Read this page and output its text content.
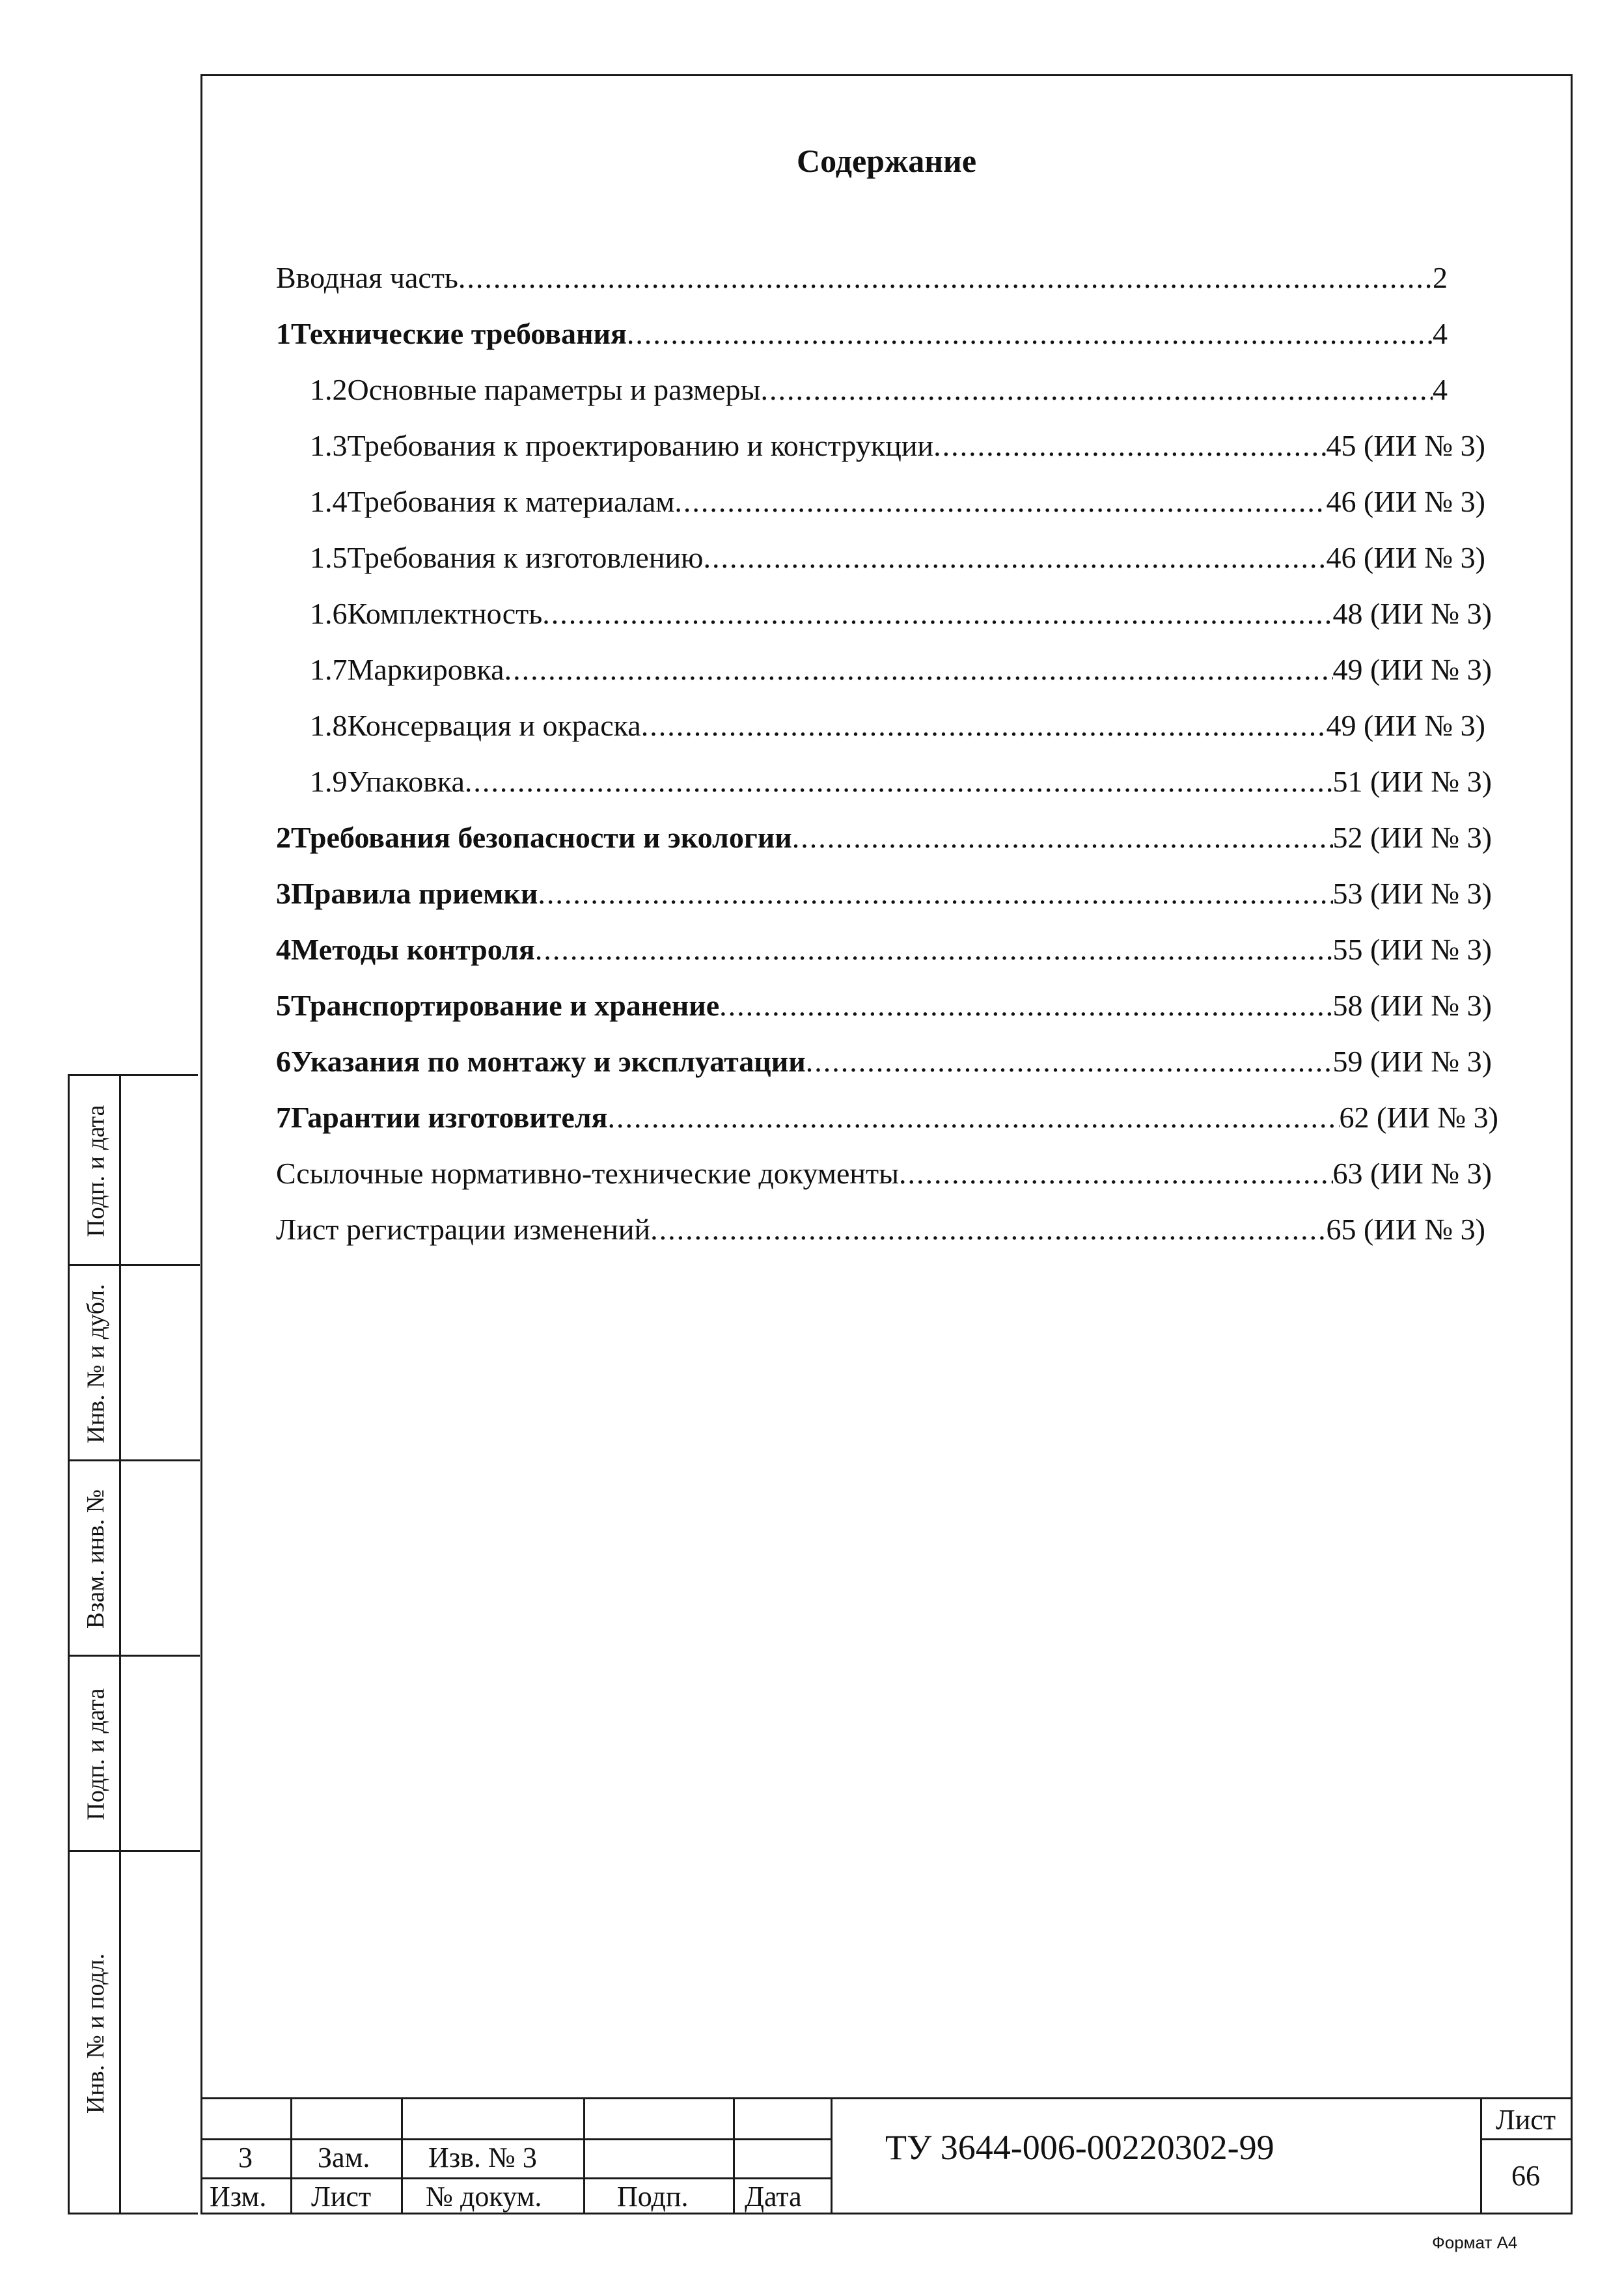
Содержание
Вводная часть .....	2
1 Технические требования .....	4
1.2 Основные параметры и размеры .....	4
1.3 Требования к проектированию и конструкции .....	45 (ИИ № 3)
1.4 Требования к материалам .....	46 (ИИ № 3)
1.5 Требования к изготовлению .....	46 (ИИ № 3)
1.6 Комплектность .....	48 (ИИ № 3)
1.7 Маркировка .....	49 (ИИ № 3)
1.8 Консервация и окраска .....	49 (ИИ № 3)
1.9 Упаковка .....	51 (ИИ № 3)
2 Требования безопасности и экологии .....	52 (ИИ № 3)
3 Правила приемки .....	53 (ИИ № 3)
4 Методы контроля .....	55 (ИИ № 3)
5 Транспортирование и хранение .....	58 (ИИ № 3)
6 Указания по монтажу и эксплуатации .....	59 (ИИ № 3)
7 Гарантии изготовителя .....	62 (ИИ № 3)
Ссылочные нормативно-технические документы .....	63 (ИИ № 3)
Лист регистрации изменений .....	65 (ИИ № 3)
Подп. и дата
Инв. № и дубл.
Взам. инв. №
Подп. и дата
Инв. № и подл.
3 Зам. Изв. № 3
Изм. Лист № докум.	Подп. Дата
Лист
66
ТУ 3644-006-00220302-99
Формат А4
